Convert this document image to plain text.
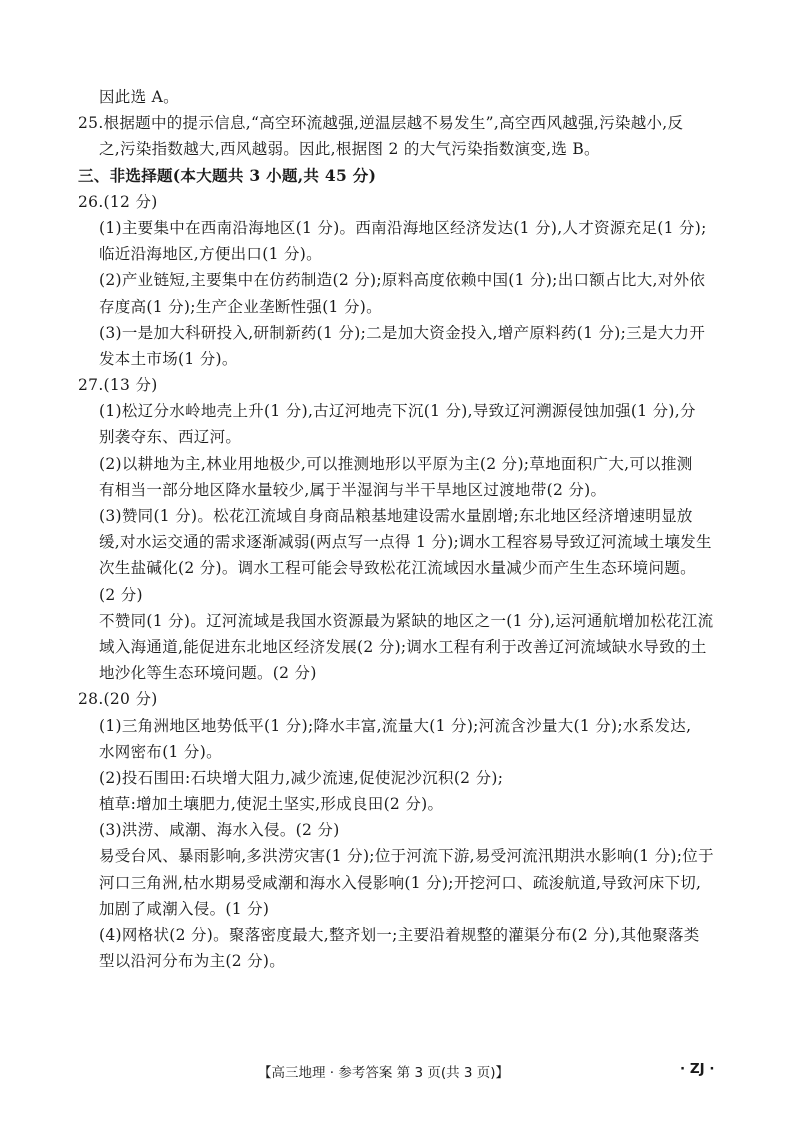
因此选 A。
25.根据题中的提示信息,“高空环流越强,逆温层越不易发生”,高空西风越强,污染越小,反
之,污染指数越大,西风越弱。因此,根据图 2 的大气污染指数演变,选 B。
三、非选择题(本大题共 3 小题,共 45 分)
26.(12 分)
(1)主要集中在西南沿海地区(1 分)。西南沿海地区经济发达(1 分),人才资源充足(1 分);
临近沿海地区,方便出口(1 分)。
(2)产业链短,主要集中在仿药制造(2 分);原料高度依赖中国(1 分);出口额占比大,对外依
存度高(1 分);生产企业垄断性强(1 分)。
(3)一是加大科研投入,研制新药(1 分);二是加大资金投入,增产原料药(1 分);三是大力开
发本土市场(1 分)。
27.(13 分)
(1)松辽分水岭地壳上升(1 分),古辽河地壳下沉(1 分),导致辽河溯源侵蚀加强(1 分),分
别袭夺东、西辽河。
(2)以耕地为主,林业用地极少,可以推测地形以平原为主(2 分);草地面积广大,可以推测
有相当一部分地区降水量较少,属于半湿润与半干旱地区过渡地带(2 分)。
(3)赞同(1 分)。松花江流域自身商品粮基地建设需水量剧增;东北地区经济增速明显放
缓,对水运交通的需求逐渐减弱(两点写一点得 1 分);调水工程容易导致辽河流域土壤发生
次生盐碱化(2 分)。调水工程可能会导致松花江流域因水量减少而产生生态环境问题。
(2 分)
不赞同(1 分)。辽河流域是我国水资源最为紧缺的地区之一(1 分),运河通航增加松花江流
域入海通道,能促进东北地区经济发展(2 分);调水工程有利于改善辽河流域缺水导致的土
地沙化等生态环境问题。(2 分)
28.(20 分)
(1)三角洲地区地势低平(1 分);降水丰富,流量大(1 分);河流含沙量大(1 分);水系发达,
水网密布(1 分)。
(2)投石围田:石块增大阻力,减少流速,促使泥沙沉积(2 分);
植草:增加土壤肥力,使泥土坚实,形成良田(2 分)。
(3)洪涝、咸潮、海水入侵。(2 分)
易受台风、暴雨影响,多洪涝灾害(1 分);位于河流下游,易受河流汛期洪水影响(1 分);位于
河口三角洲,枯水期易受咸潮和海水入侵影响(1 分);开挖河口、疏浚航道,导致河床下切,
加剧了咸潮入侵。(1 分)
(4)网格状(2 分)。聚落密度最大,整齐划一;主要沿着规整的灌渠分布(2 分),其他聚落类
型以沿河分布为主(2 分)。
【高三地理 · 参考答案 第 3 页(共 3 页)】	· ZJ ·
